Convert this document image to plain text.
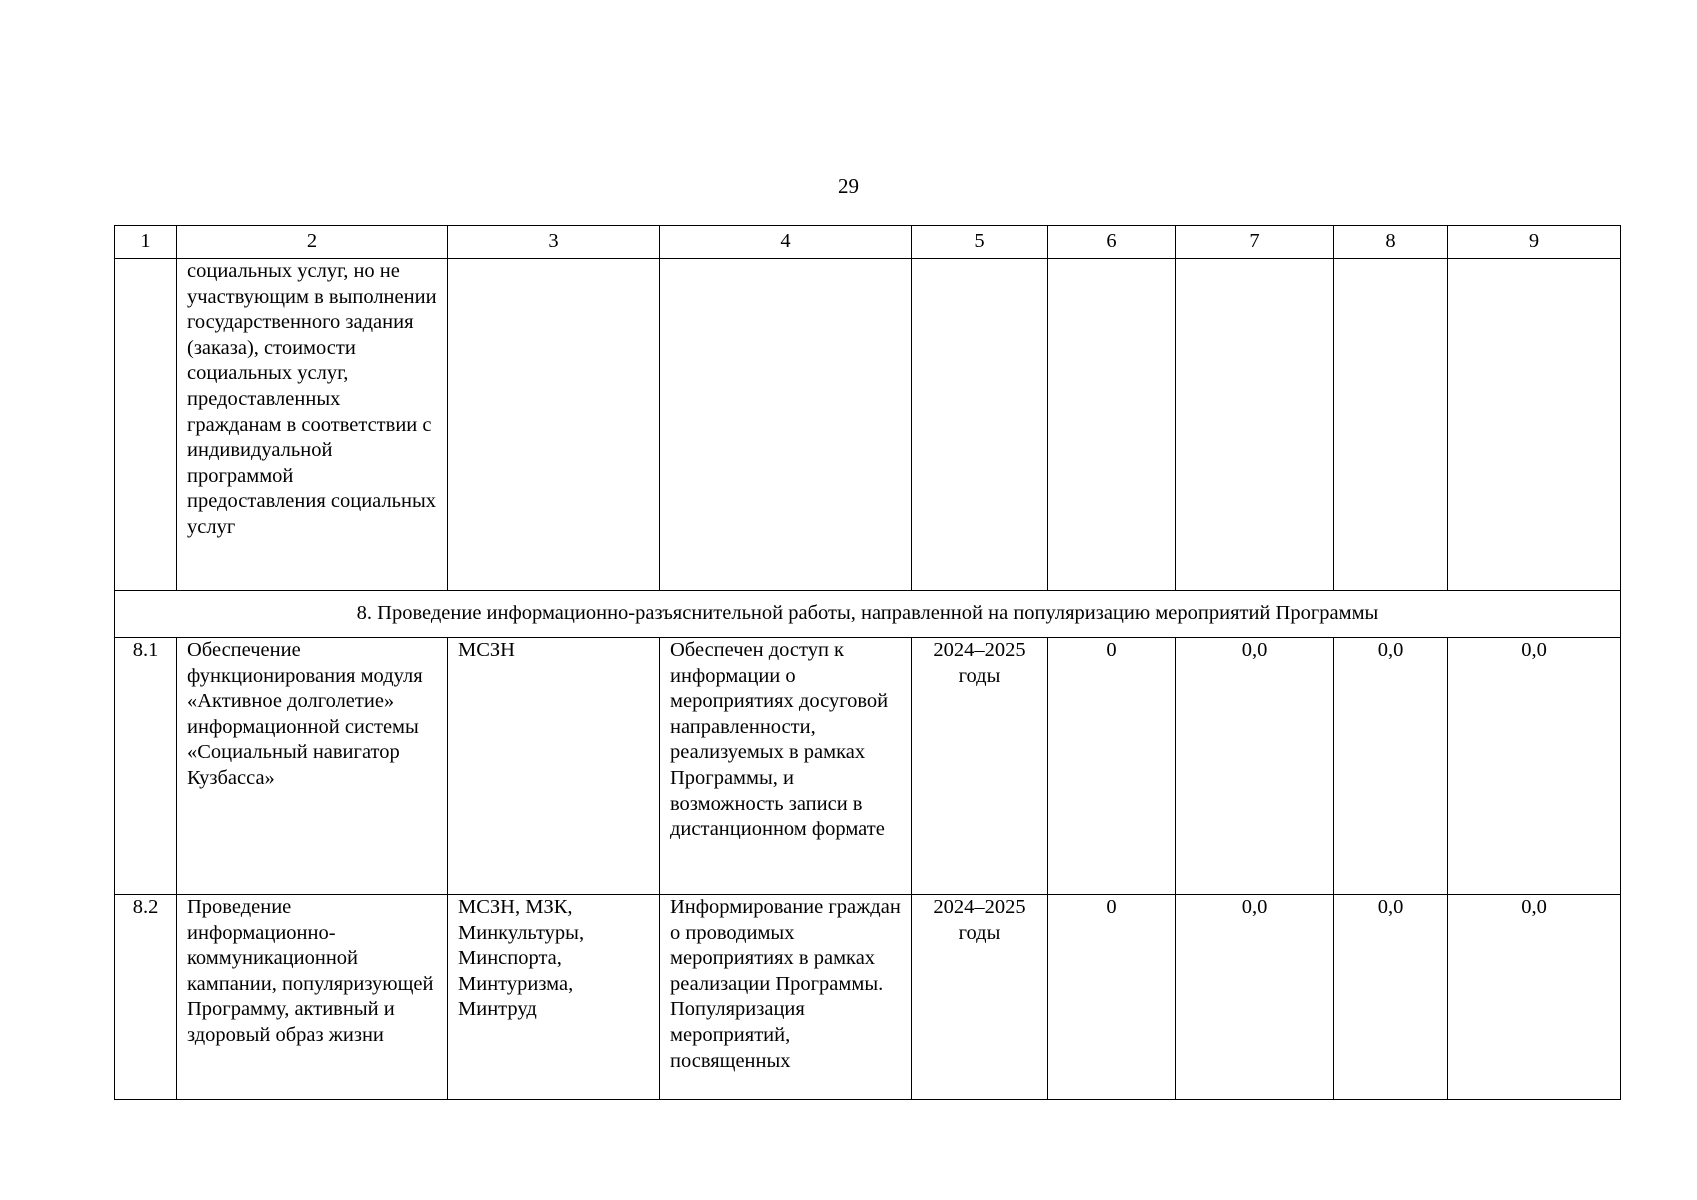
29
1	2	3	4	5	6	7	8	9

	социальных услуг, но не участвующим в выполнении государственного задания (заказа), стоимости социальных услуг, предоставленных гражданам в соответствии с индивидуальной программой предоставления социальных услуг							

8. Проведение информационно-разъяснительной работы, направленной на популяризацию мероприятий Программы								
8.1	Обеспечение функционирования модуля «Активное долголетие» информационной системы «Социальный навигатор Кузбасса»	МСЗН	Обеспечен доступ к информации о мероприятиях досуговой направленности, реализуемых в рамках Программы, и возможность записи в дистанционном формате	2024–2025 годы	0	0,0	0,0	0,0
8.2	Проведение информационно-коммуникационной кампании, популяризующей Программу, активный и здоровый образ жизни	МСЗН, МЗК, Минкультуры, Минспорта, Минтуризма, Минтруд	Информирование граждан о проводимых мероприятиях в рамках реализации Программы. Популяризация мероприятий, посвященных	2024–2025 годы	0	0,0	0,0	0,0
